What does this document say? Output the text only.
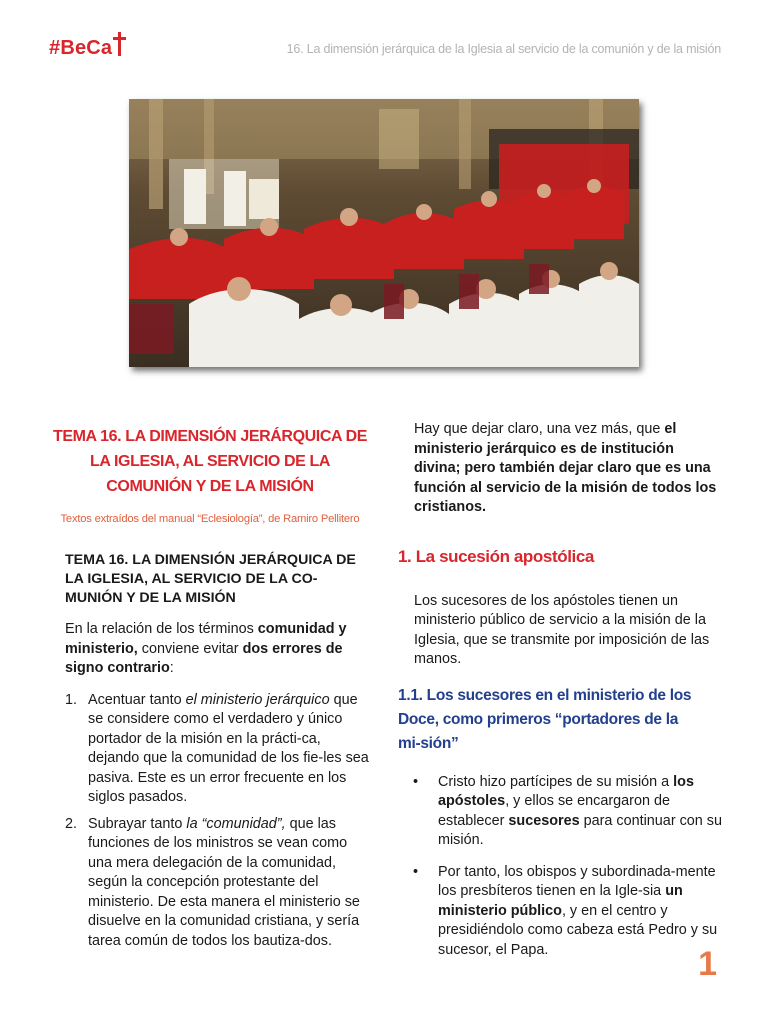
#BeCa	16. La dimensión jerárquica de la Iglesia al servicio de la comunión y de la misión
TEMA 16. LA DIMENSIÓN JERÁRQUICA DE LA IGLESIA, AL SERVICIO DE LA COMUNIÓN Y DE LA MISIÓN

Textos extraídos del manual “Eclesiología”, de Ramiro Pellitero

TEMA 16. LA DIMENSIÓN JERÁRQUICA DE LA IGLESIA, AL SERVICIO DE LA CO-MUNIÓN Y DE LA MISIÓN

En la relación de los términos comunidad y ministerio, conviene evitar dos errores de signo contrario:

1. Acentuar tanto el ministerio jerárquico que se considere como el verdadero y único portador de la misión en la prácti-ca, dejando que la comunidad de los fie-les sea pasiva. Este es un error frecuente en los siglos pasados.
2. Subrayar tanto la “comunidad”, que las funciones de los ministros se vean como una mera delegación de la comunidad, según la concepción protestante del ministerio. De esta manera el ministerio se disuelve en la comunidad cristiana, y sería tarea común de todos los bautiza-dos.

Hay que dejar claro, una vez más, que el ministerio jerárquico es de institución divina; pero también dejar claro que es una función al servicio de la misión de todos los cristianos.

1. La sucesión apostólica

Los sucesores de los apóstoles tienen un ministerio público de servicio a la misión de la Iglesia, que se transmite por imposición de las manos.

1.1. Los sucesores en el ministerio de los Doce, como primeros “portadores de la mi-sión”
• Cristo hizo partícipes de su misión a los apóstoles, y ellos se encargaron de establecer sucesores para continuar con su misión.
• Por tanto, los obispos y subordinada-mente los presbíteros tienen en la Igle-sia un ministerio público, y en el centro y presidiéndolo como cabeza está Pedro y su sucesor, el Papa.	1
